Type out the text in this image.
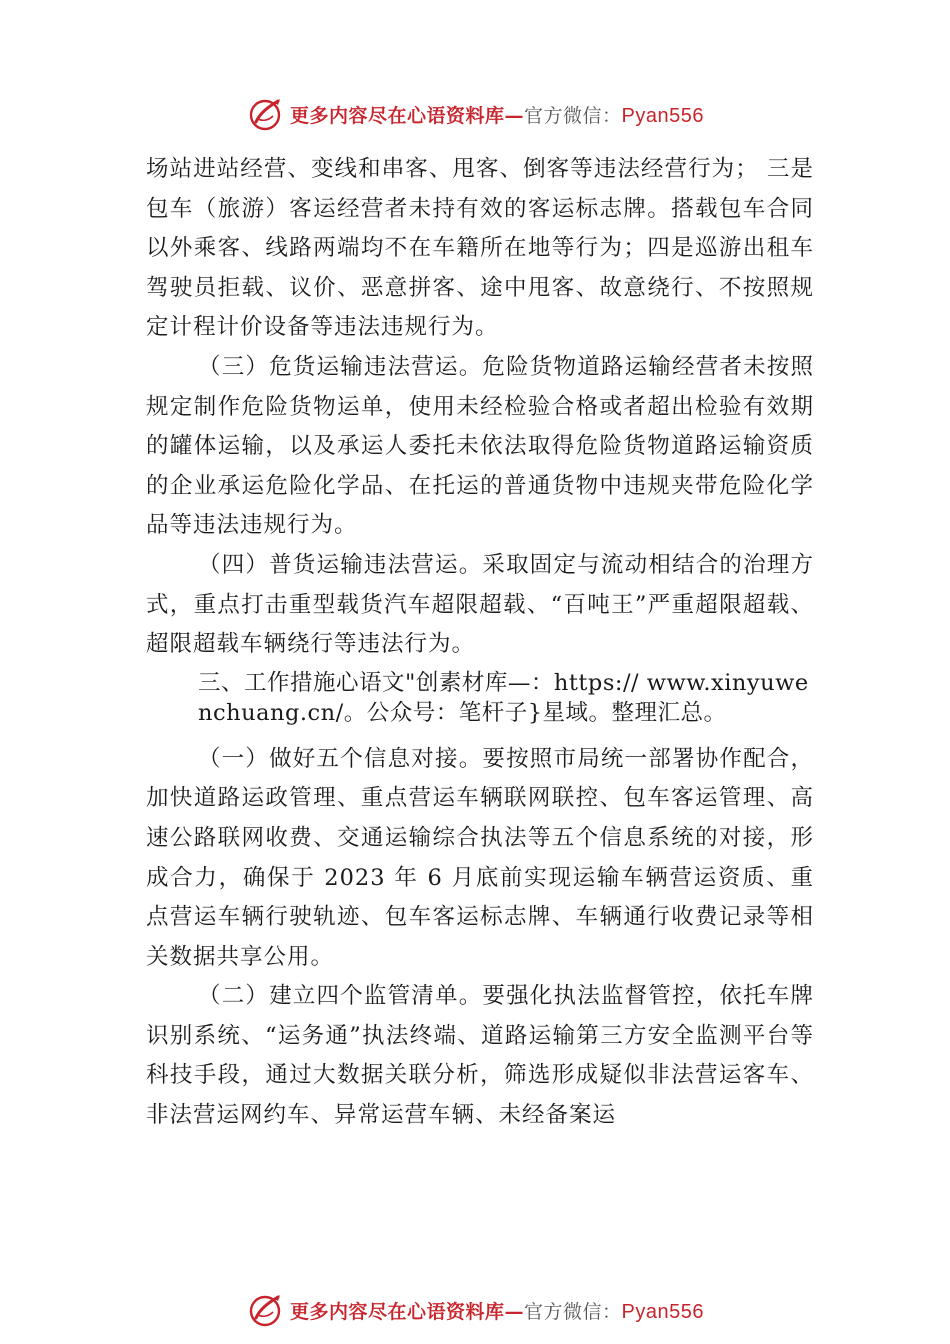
更多内容尽在心语资料库—官方微信：Pyan556

场站进站经营、变线和串客、甩客、倒客等违法经营行为； 三是包车（旅游）客运经营者未持有效的客运标志牌。搭载包车合同以外乘客、线路两端均不在车籍所在地等行为；四是巡游出租车驾驶员拒载、议价、恶意拼客、途中甩客、故意绕行、不按照规定计程计价设备等违法违规行为。

（三）危货运输违法营运。危险货物道路运输经营者未按照规定制作危险货物运单，使用未经检验合格或者超出检验有效期的罐体运输，以及承运人委托未依法取得危险货物道路运输资质的企业承运危险化学品、在托运的普通货物中违规夹带危险化学品等违法违规行为。

（四）普货运输违法营运。采取固定与流动相结合的治理方式，重点打击重型载货汽车超限超载、“百吨王”严重超限超载、超限超载车辆绕行等违法行为。

三、工作措施心语文"创素材库—：https:// www.xinyuwenchuang.cn/。公众号：笔杆子}星域。整理汇总。

（一）做好五个信息对接。要按照市局统一部署协作配合，加快道路运政管理、重点营运车辆联网联控、包车客运管理、高速公路联网收费、交通运输综合执法等五个信息系统的对接，形成合力，确保于 2023 年 6 月底前实现运输车辆营运资质、重点营运车辆行驶轨迹、包车客运标志牌、车辆通行收费记录等相关数据共享公用。

（二）建立四个监管清单。要强化执法监督管控，依托车牌识别系统、“运务通”执法终端、道路运输第三方安全监测平台等科技手段，通过大数据关联分析，筛选形成疑似非法营运客车、非法营运网约车、异常运营车辆、未经备案运

更多内容尽在心语资料库—官方微信：Pyan556
